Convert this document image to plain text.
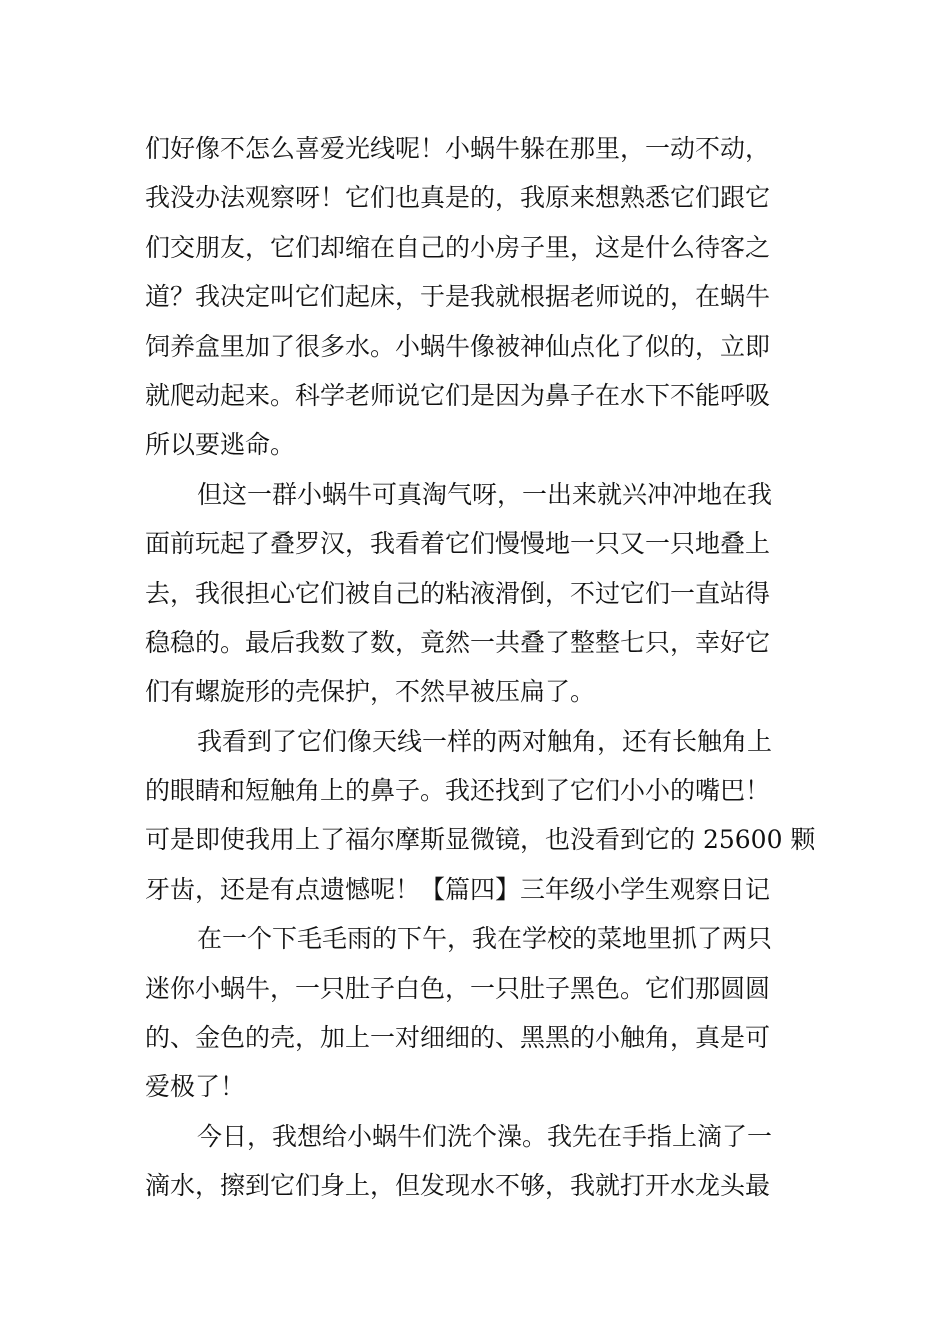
们好像不怎么喜爱光线呢！小蜗牛躲在那里，一动不动，
我没办法观察呀！它们也真是的，我原来想熟悉它们跟它
们交朋友，它们却缩在自己的小房子里，这是什么待客之
道？我决定叫它们起床，于是我就根据老师说的，在蜗牛
饲养盒里加了很多水。小蜗牛像被神仙点化了似的，立即
就爬动起来。科学老师说它们是因为鼻子在水下不能呼吸
所以要逃命。
但这一群小蜗牛可真淘气呀，一出来就兴冲冲地在我
面前玩起了叠罗汉，我看着它们慢慢地一只又一只地叠上
去，我很担心它们被自己的粘液滑倒，不过它们一直站得
稳稳的。最后我数了数，竟然一共叠了整整七只，幸好它
们有螺旋形的壳保护，不然早被压扁了。
我看到了它们像天线一样的两对触角，还有长触角上
的眼睛和短触角上的鼻子。我还找到了它们小小的嘴巴！
可是即使我用上了福尔摩斯显微镜，也没看到它的 25600 颗
牙齿，还是有点遗憾呢！【篇四】三年级小学生观察日记
在一个下毛毛雨的下午，我在学校的菜地里抓了两只
迷你小蜗牛，一只肚子白色，一只肚子黑色。它们那圆圆
的、金色的壳，加上一对细细的、黑黑的小触角，真是可
爱极了！
今日，我想给小蜗牛们洗个澡。我先在手指上滴了一
滴水，擦到它们身上，但发现水不够，我就打开水龙头最
